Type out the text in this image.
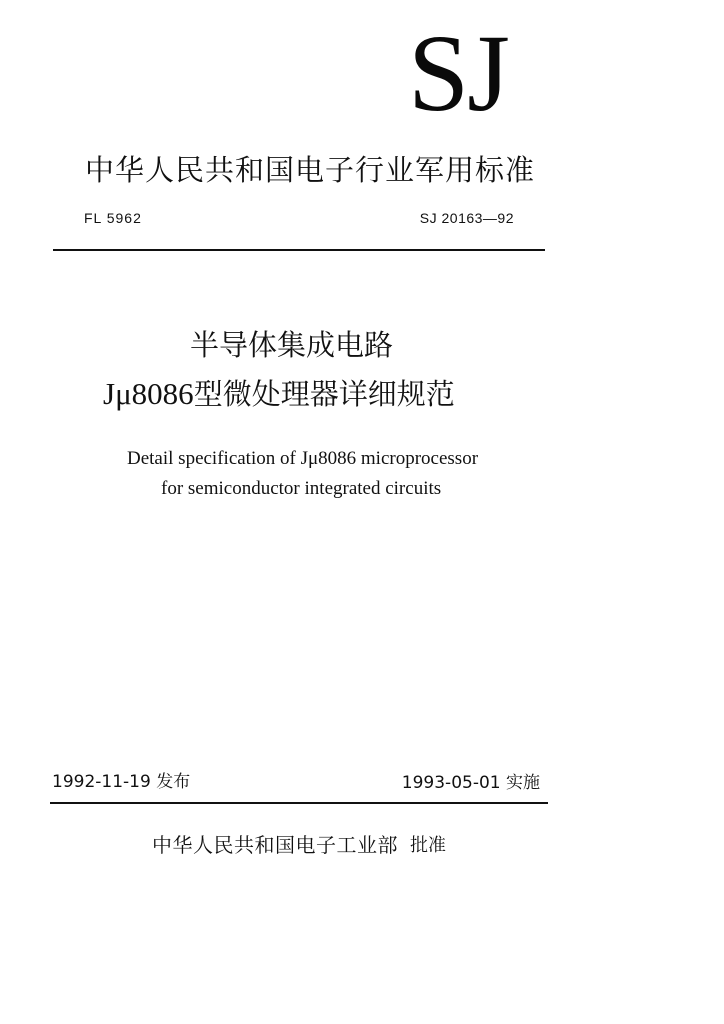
SJ
中华人民共和国电子行业军用标准
FL 5962	SJ 20163—92
半导体集成电路
Jμ8086型微处理器详细规范
Detail specification of Jμ8086 microprocessor
for semiconductor integrated circuits
1992-11-19 发布	1993-05-01 实施
中华人民共和国电子工业部 批准
